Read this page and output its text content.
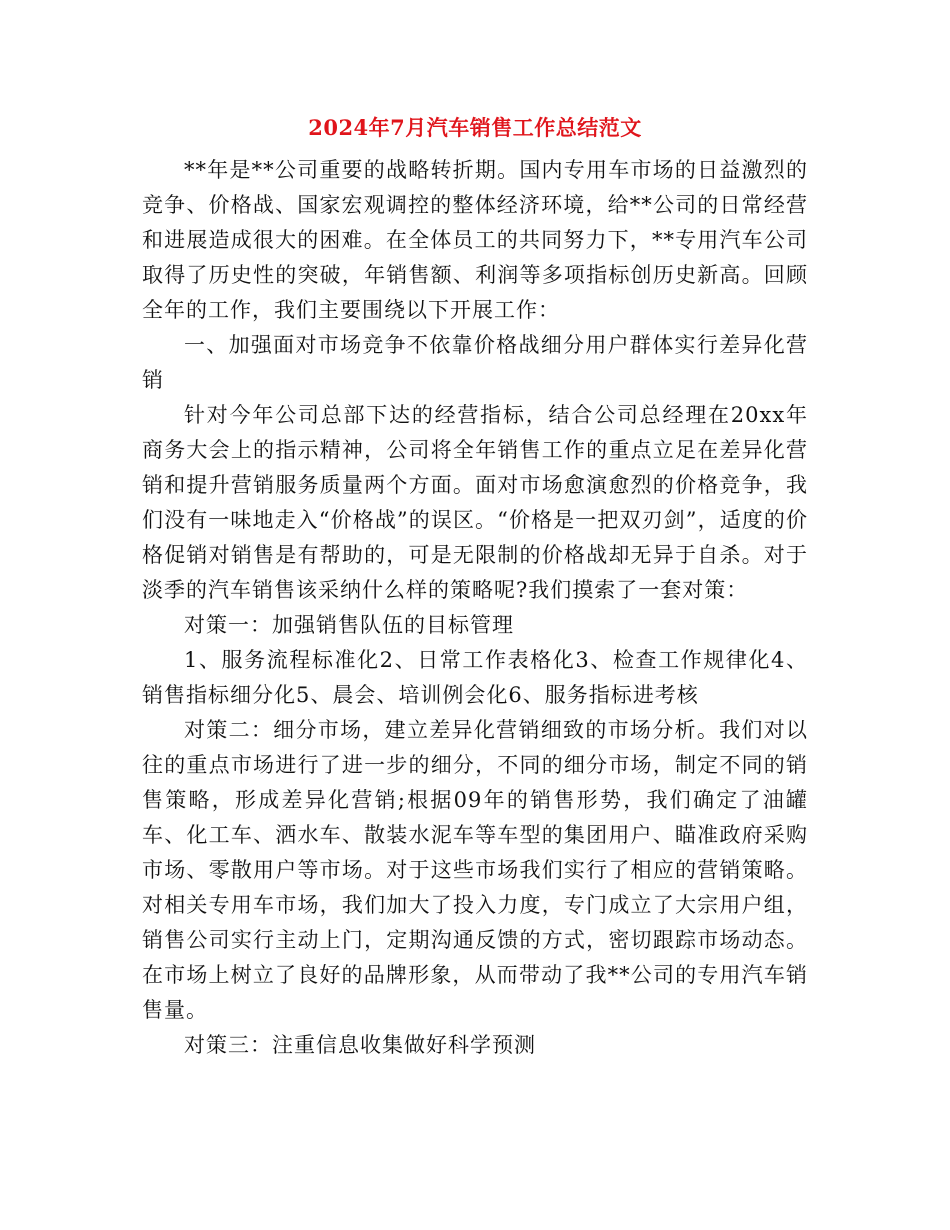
2024年7月汽车销售工作总结范文

**年是**公司重要的战略转折期。国内专用车市场的日益激烈的竞争、价格战、国家宏观调控的整体经济环境，给**公司的日常经营和进展造成很大的困难。在全体员工的共同努力下，**专用汽车公司取得了历史性的突破，年销售额、利润等多项指标创历史新高。回顾全年的工作，我们主要围绕以下开展工作：

一、加强面对市场竞争不依靠价格战细分用户群体实行差异化营销

针对今年公司总部下达的经营指标，结合公司总经理在20xx年商务大会上的指示精神，公司将全年销售工作的重点立足在差异化营销和提升营销服务质量两个方面。面对市场愈演愈烈的价格竞争，我们没有一味地走入“价格战”的误区。“价格是一把双刃剑”，适度的价格促销对销售是有帮助的，可是无限制的价格战却无异于自杀。对于淡季的汽车销售该采纳什么样的策略呢?我们摸索了一套对策：

对策一：加强销售队伍的目标管理

1、服务流程标准化2、日常工作表格化3、检查工作规律化4、销售指标细分化5、晨会、培训例会化6、服务指标进考核

对策二：细分市场，建立差异化营销细致的市场分析。我们对以往的重点市场进行了进一步的细分，不同的细分市场，制定不同的销售策略，形成差异化营销;根据09年的销售形势，我们确定了油罐车、化工车、洒水车、散装水泥车等车型的集团用户、瞄准政府采购市场、零散用户等市场。对于这些市场我们实行了相应的营销策略。对相关专用车市场，我们加大了投入力度，专门成立了大宗用户组，销售公司实行主动上门，定期沟通反馈的方式，密切跟踪市场动态。在市场上树立了良好的品牌形象，从而带动了我**公司的专用汽车销售量。

对策三：注重信息收集做好科学预测
